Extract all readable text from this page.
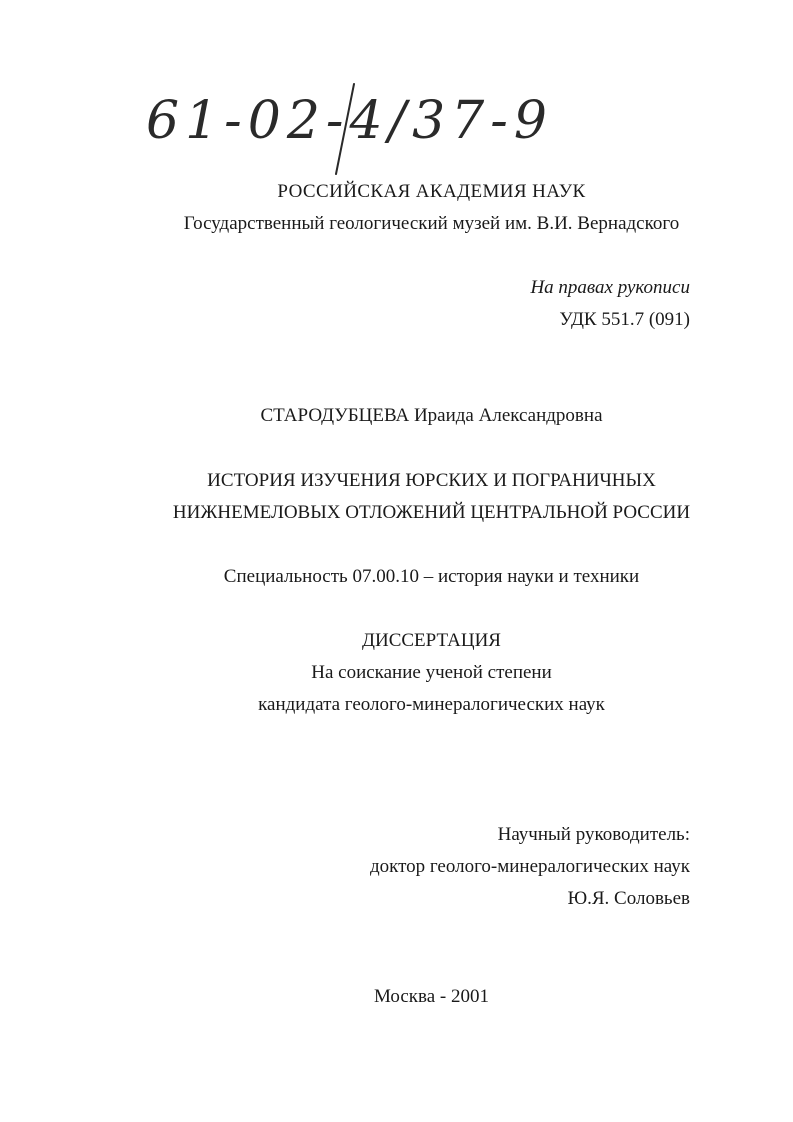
61-02-4/37-9
РОССИЙСКАЯ АКАДЕМИЯ НАУК
Государственный геологический музей им. В.И. Вернадского
На правах рукописи
УДК 551.7 (091)
СТАРОДУБЦЕВА Ираида Александровна
ИСТОРИЯ ИЗУЧЕНИЯ ЮРСКИХ И ПОГРАНИЧНЫХ
НИЖНЕМЕЛОВЫХ ОТЛОЖЕНИЙ ЦЕНТРАЛЬНОЙ РОССИИ
Специальность 07.00.10 – история науки и техники
ДИССЕРТАЦИЯ
На соискание ученой степени
кандидата геолого-минералогических наук
Научный руководитель:
доктор геолого-минералогических наук
Ю.Я. Соловьев
Москва - 2001
